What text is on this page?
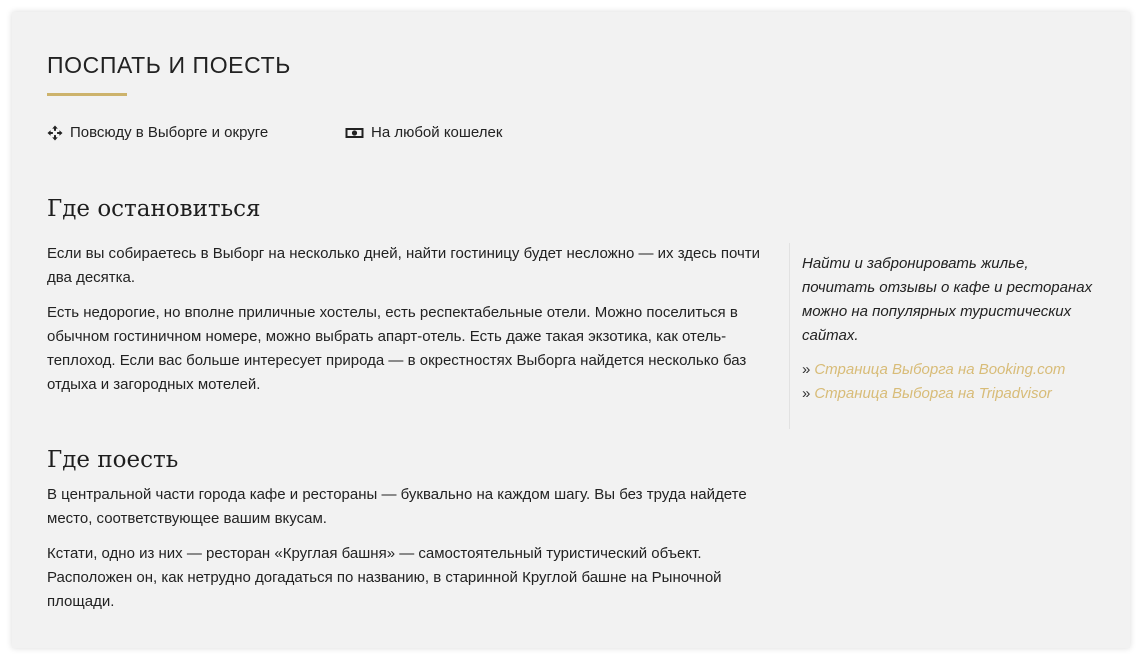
ПОСПАТЬ И ПОЕСТЬ
Повсюду в Выборге и округе	На любой кошелек
Где остановиться

Если вы собираетесь в Выборг на несколько дней, найти гостиницу будет несложно — их здесь почти два десятка.

Есть недорогие, но вполне приличные хостелы, есть респектабельные отели. Можно поселиться в обычном гостиничном номере, можно выбрать апарт-отель. Есть даже такая экзотика, как отель-теплоход. Если вас больше интересует природа — в окрестностях Выборга найдется несколько баз отдыха и загородных мотелей.

Где поесть

В центральной части города кафе и рестораны — буквально на каждом шагу. Вы без труда найдете место, соответствующее вашим вкусам.

Кстати, одно из них — ресторан «Круглая башня» — самостоятельный туристический объект. Расположен он, как нетрудно догадаться по названию, в старинной Круглой башне на Рыночной площади.

Найти и забронировать жилье, почитать отзывы о кафе и ресторанах можно на популярных туристических сайтах.

» Страница Выборга на Booking.com
» Страница Выборга на Tripadvisor
